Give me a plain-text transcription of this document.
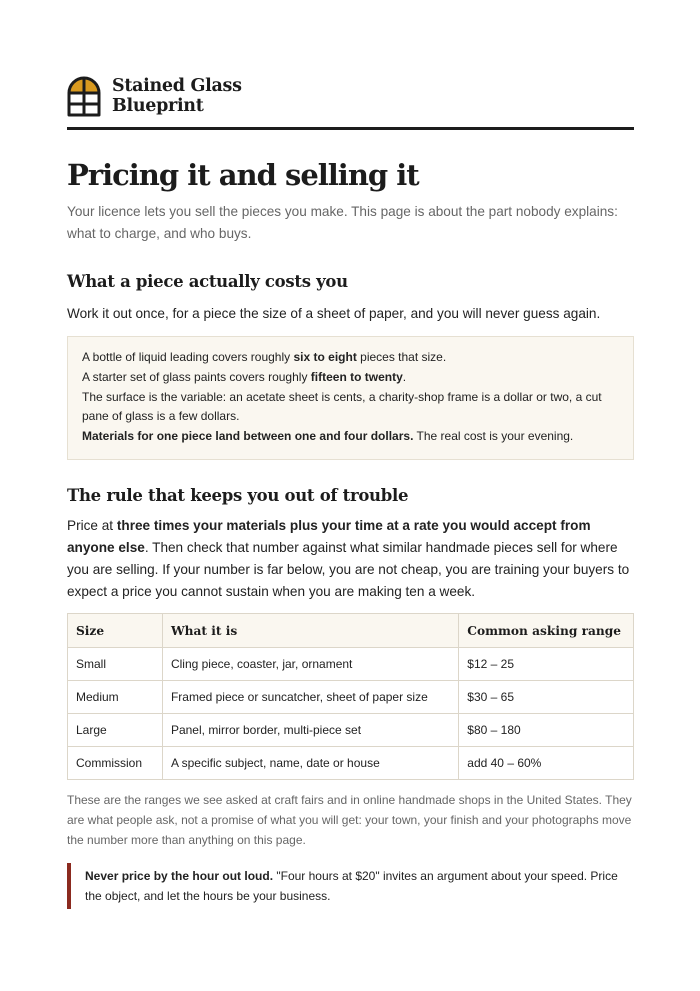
Stained Glass
Blueprint
Pricing it and selling it

Your licence lets you sell the pieces you make. This page is about the part nobody explains: what to charge, and who buys.

What a piece actually costs you

Work it out once, for a piece the size of a sheet of paper, and you will never guess again.

A bottle of liquid leading covers roughly six to eight pieces that size.

A starter set of glass paints covers roughly fifteen to twenty.

The surface is the variable: an acetate sheet is cents, a charity-shop frame is a dollar or two, a cut pane of glass is a few dollars.

Materials for one piece land between one and four dollars. The real cost is your evening.

The rule that keeps you out of trouble

Price at three times your materials plus your time at a rate you would accept from anyone else. Then check that number against what similar handmade pieces sell for where you are selling. If your number is far below, you are not cheap, you are training your buyers to expect a price you cannot sustain when you are making ten a week.

Size	What it is	Common asking range
Small	Cling piece, coaster, jar, ornament	$12 – 25
Medium	Framed piece or suncatcher, sheet of paper size	$30 – 65
Large	Panel, mirror border, multi-piece set	$80 – 180
Commission	A specific subject, name, date or house	add 40 – 60%

These are the ranges we see asked at craft fairs and in online handmade shops in the United States. They are what people ask, not a promise of what you will get: your town, your finish and your photographs move the number more than anything on this page.

Never price by the hour out loud. "Four hours at $20" invites an argument about your speed. Price the object, and let the hours be your business.
